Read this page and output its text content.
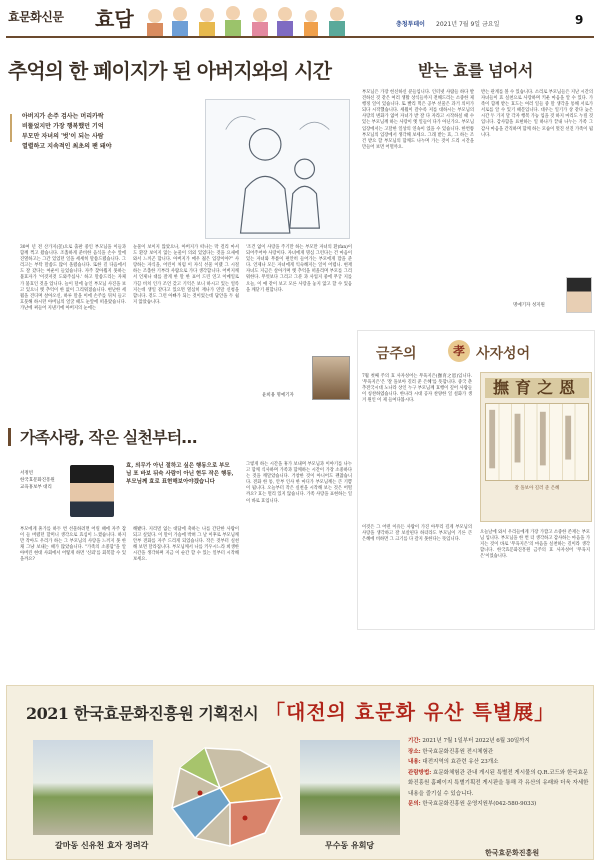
효문화신문 효담	충청투데이 2021년 7월 9일 금요일	9
추억의 한 페이지가 된 아버지와의 시간
아버지가 손주 검사는 머리카락
비뚤었지만 가장 행복했던 기억
부모만 자녀의 '벗'이 되는 사람
열렬하고 지속적인 최초의 팬 돼야
30여 년 전 산가지(꽃)으로 출판 중인 부모님을 이들과 함께 찍고 왔습니다. 조촐하게 준비한 음식을 손수 앞에 진열하고는 그간 있었던 일을 세세히 말씀드렸습니다. 그리고는 부탁 말씀도 많이 올렸습니다. 또한 길 다음에서도 잘 갔다는 여운이 들었습니다. 자주 찾아뵙지 못하는 불효자가 '이것저것 도와주십사.' 하고 말씀드리는 자체가 불효인 것을 압니다. 늘이 덜에 놓인 부모님 사진을 보고 있으니 옛 추억이 한 없이 그리워졌습니다. 현난한 세월을 견디며 살아오신, 하루 말을 이에 손주를 뒤처 들고 흐뭇해 하시던 아버님의 얼굴 때도 눈앞에 떠올랐습니다. 가난에 찌들어 지낸기에 아버지의 눈에는
눈물이 보이지 않았으나, 아버지가 떠나는 막 걸리 마셔도 환장 보이지 않는 눈물이 의외 있었다는 것을 요새에 와서 느끼곤 합니다. 아버지가 매우 젊은 입장이야?" 사랑하는 자식을, 어린이 처럼 이 자식 선물 이랬 그 시절 하는 조촐한 기부라 사람으로 가다 생각합니다. 어버지께서 언제나 대를 잘게 한 말 한 표어 드린 연고 이메일로 가끔 비치 인가 조언 갖고 기억은 보니 하시고 있는 얼룩 지는데 생일 같다고 있으면 열심히 재나가 연말 신청을 합니다. 겉도 그런 아빠가 되는 것이었는데 답안을 두 쉽지 않았습니다.
'조건 없이 사랑을 주기만 하는 부모만 자녀의 환(fan)이 되어주어야 사랑이다. 자녀에게 명심 그런다는 건 마음이 있는 자녀와 무릎이 편안히 들어가는 부모에게 맘을 준다. 언제나 모든 자녀에게 익숙해지는 일이 어렵니. 현재 자녀도 지금은 살아가며 옛 추억을 떠올리며 부모를 그리워한다. 무엇보다 그리고 그분 과 사업지 중에 무궁 지를 오늘, 이 얘 같이 보고 모른 사랑을 놓지 않고 할 수 있음을 깨닫기 원합니다.
윤희용 명예기자
받는 효를 넘어서
부모님은 가장 헌신하신 분들입니다. 인터넷 사람들 하다 발견하신 것 같은 여러 생활 상식들까지 전해드리는 소중한 제 행정 일이 있습니다. 또 빨리 먹은 공부 선물은 과거 의미가 되다 시작했습니다. 세월이 갈수록 저를 대하시는 부모님의 사랑의 변화가 없어 자녀가 받 잘 다 자라고 시작하실 때 수 있는 부모님께 하는 사랑이 옛 일들이 다가 아닌가요. 부모님 입장에서는 고달한 일상의 연속이 었을 수 있습니다. 한번쯤 부모님의 입장에서 생각해 보세요. 그래 받는 효, 그 하는 조건 받으 할 부모님의 함께도 나누며 가는 것이 드리 시간을 만들어 보면 어떨까요.
반는 관계를 볼 수 있습니다. 소리로 부모님들은 지난 시간의 자녀들이 효 실천으로 사랑하며 키운 마음을 알 수 있다. 가족이 함께 받는 효도는 여러 일들 중 말 생각을 통해 서로가 서로를 알 수 있기 때문입니다. 대우는 일기가 상 같다 늦은 시간 두 가지 달 각자 행복 가능 입을 것 하지 마리도 누릴 것입니다. 감사함을 표현하는 일 하나가 끝내 나누는 가족 그 감사 마음을 간직하며 함께 하는 모습이 멋진 선진 가족이 됩니다.
명예기자 성지원
금주의	孝 사자성어
7월 첫째 주의 효 사자성어는 무육지은(撫育之恩)입니다. '무육지은'은 '잘 돌보아 길러 준 은혜'를 뜻합니다. 중국 춘추전국시대 노나라 상인 누구 부모님께 효행이 깊어 사람들이 칭찬하였습니다. 한나라 시대 공자 찬양한 일 설화가 생겨 원인 이 제 들여다봅시다.
撫育之恩
잘 돌보아 길러 준 은혜
이것은 그 어떤 이유든 사람이 가진 아무리 깊게 부모님의 사랑을 생각하고 잘 보살핀다 하더라도 부모님이 기른 큰 은혜에 비하면 그 크기를 다 갚지 못한다는 뜻입니다.
오늘날에 와서 우리들에게 가장 가깝고 소중한 존재는 부모님 입니다. 부모님을 한 번 더 생각하고 감사하는 마음을 가지는 것이 바로 '무육지은'의 마음을 실천하는 길이라 생각합니다. 한국효문화진흥원 금주의 효 사자성어 '무육지은'이었습니다.
가족사랑, 작은 실천부터…
서정빈
한국효문화진흥원
교육홍보부 대리
효, 의무가 아닌 절하고 싶은 행동으로 부모님 포 바보 뒤숙 사람이 아닌 현두 작은 행동, 부모님께 효로 표현해보아야겠습니다
부모에게 휴가를 하두 번 선물하려면 어릴 때에 자주 잠이 들 버렸던 할머니 생각으로 효심이 느꼈습니다. 하지만 작아도 우리가 하는 그 부모님의 사랑을 느끼지 못 한 채 그냥 보내는 때가 많았습니다. "가족의 소중함"을 알아버린 현대 사회에서 어떻게 하면 '신뢰'를 회복할 수 있을까요?
해봤다. 지리멀 없는 대답에 축하는 나를 간단한 사람이 되고 싶었다. 이 말이 가슴에 박혀 그 날 이후로 부모님께 안부 전화를 자주 드리게 되었습니다. 작은 것부터 실천해 보면 달라집니다. 부모님께서 나를 키우시느라 희생한 시간을 생각하며 지금 이 순간 할 수 있는 일부터 시작해 보세요.
그렇게 하는 시간을 휴가 보내며 부모님과 이야기를 나누고 함께 식사하며 가족과 함께하는 시간이 가장 소중하다는 것을 깨달았습니다. 거창한 것이 아니어도 괜찮습니다. 전화 한 통, 안부 인사 한 마디가 부모님께는 큰 기쁨이 됩니다. 오늘부터 작은 실천을 시작해 보는 것은 어떨까요? 효는 멀리 있지 않습니다. 가족 사랑을 표현하는 일이 바로 효입니다.
2021 한국효문화진흥원 기획전시 「대전의 효문화 유산 특별展」
갈마동 신유천 효자 정려각	무수동 유회당
기간: 2021년 7월 1일부터 2022년 6월 30일까지
장소: 한국효문화진흥원 전시체험관
내용: 대전지역의 효관련 유산 23개소
관람방법: 효문화체험관 관내 게시된 특별전 게시물의 Q.R.코드와 한국효문화진흥원 홈페이지 특별기획전 게시판을 통해 각 유산의 유래와 더욱 자세한 내용을 즐기실 수 있습니다.
문의: 한국효문화진흥원 운영지원부(042-580-9033)
한국효문화진흥원
